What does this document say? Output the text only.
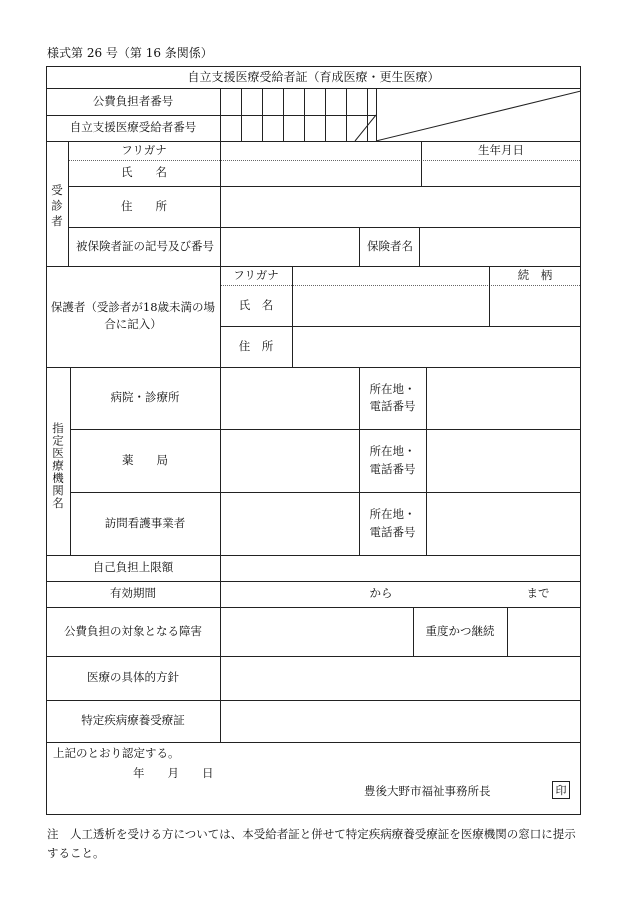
様式第 26 号（第 16 条関係）
自立支援医療受給者証（育成医療・更生医療）
公費負担者番号
自立支援医療受給者番号
受診者
フリガナ	生年月日
氏　　名
住　　所
被保険者証の記号及び番号	保険者名
保護者（受診者が18歳未満の場合に記入）
フリガナ	続　柄
氏　名
住　所
指定医療機関名
病院・診療所
所在地・
電話番号
薬　　局
所在地・
電話番号
訪問看護事業者
所在地・
電話番号
自己負担上限額
有効期間	から	まで
公費負担の対象となる障害	重度かつ継続
医療の具体的方針
特定疾病療養受療証
上記のとおり認定する。
年　　月　　日
豊後大野市福祉事務所長	印
注　人工透析を受ける方については、本受給者証と併せて特定疾病療養受療証を医療機関の窓口に提示すること。
